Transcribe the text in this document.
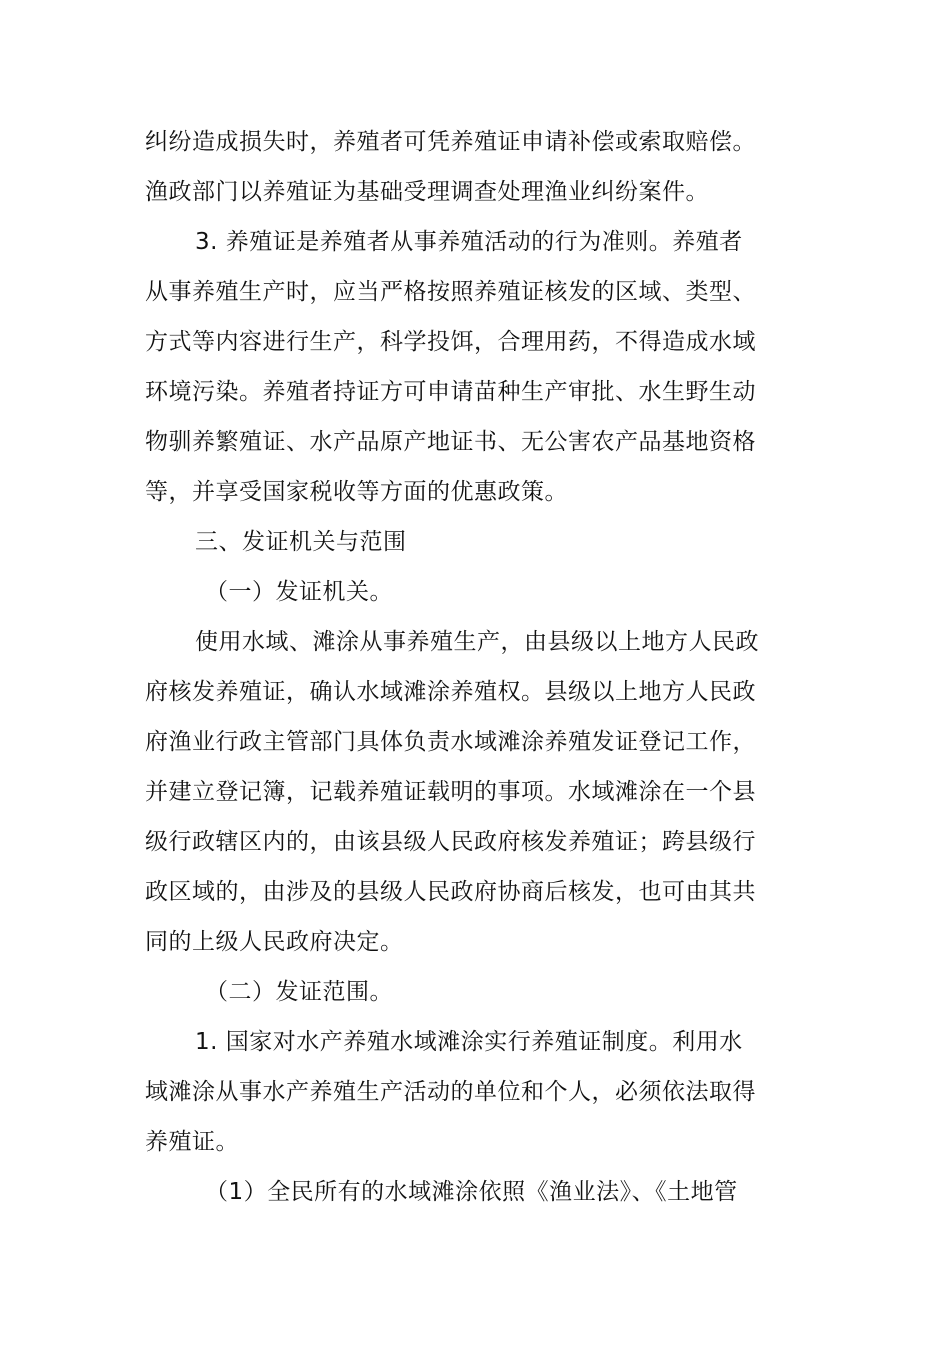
纠纷造成损失时，养殖者可凭养殖证申请补偿或索取赔偿。
渔政部门以养殖证为基础受理调查处理渔业纠纷案件。
3. 养殖证是养殖者从事养殖活动的行为准则。养殖者
从事养殖生产时，应当严格按照养殖证核发的区域、类型、
方式等内容进行生产，科学投饵，合理用药，不得造成水域
环境污染。养殖者持证方可申请苗种生产审批、水生野生动
物驯养繁殖证、水产品原产地证书、无公害农产品基地资格
等，并享受国家税收等方面的优惠政策。
三、发证机关与范围
（一）发证机关。
使用水域、滩涂从事养殖生产，由县级以上地方人民政
府核发养殖证，确认水域滩涂养殖权。县级以上地方人民政
府渔业行政主管部门具体负责水域滩涂养殖发证登记工作，
并建立登记簿，记载养殖证载明的事项。水域滩涂在一个县
级行政辖区内的，由该县级人民政府核发养殖证；跨县级行
政区域的，由涉及的县级人民政府协商后核发，也可由其共
同的上级人民政府决定。
（二）发证范围。
1. 国家对水产养殖水域滩涂实行养殖证制度。利用水
域滩涂从事水产养殖生产活动的单位和个人，必须依法取得
养殖证。
（1）全民所有的水域滩涂依照《渔业法》、《土地管
